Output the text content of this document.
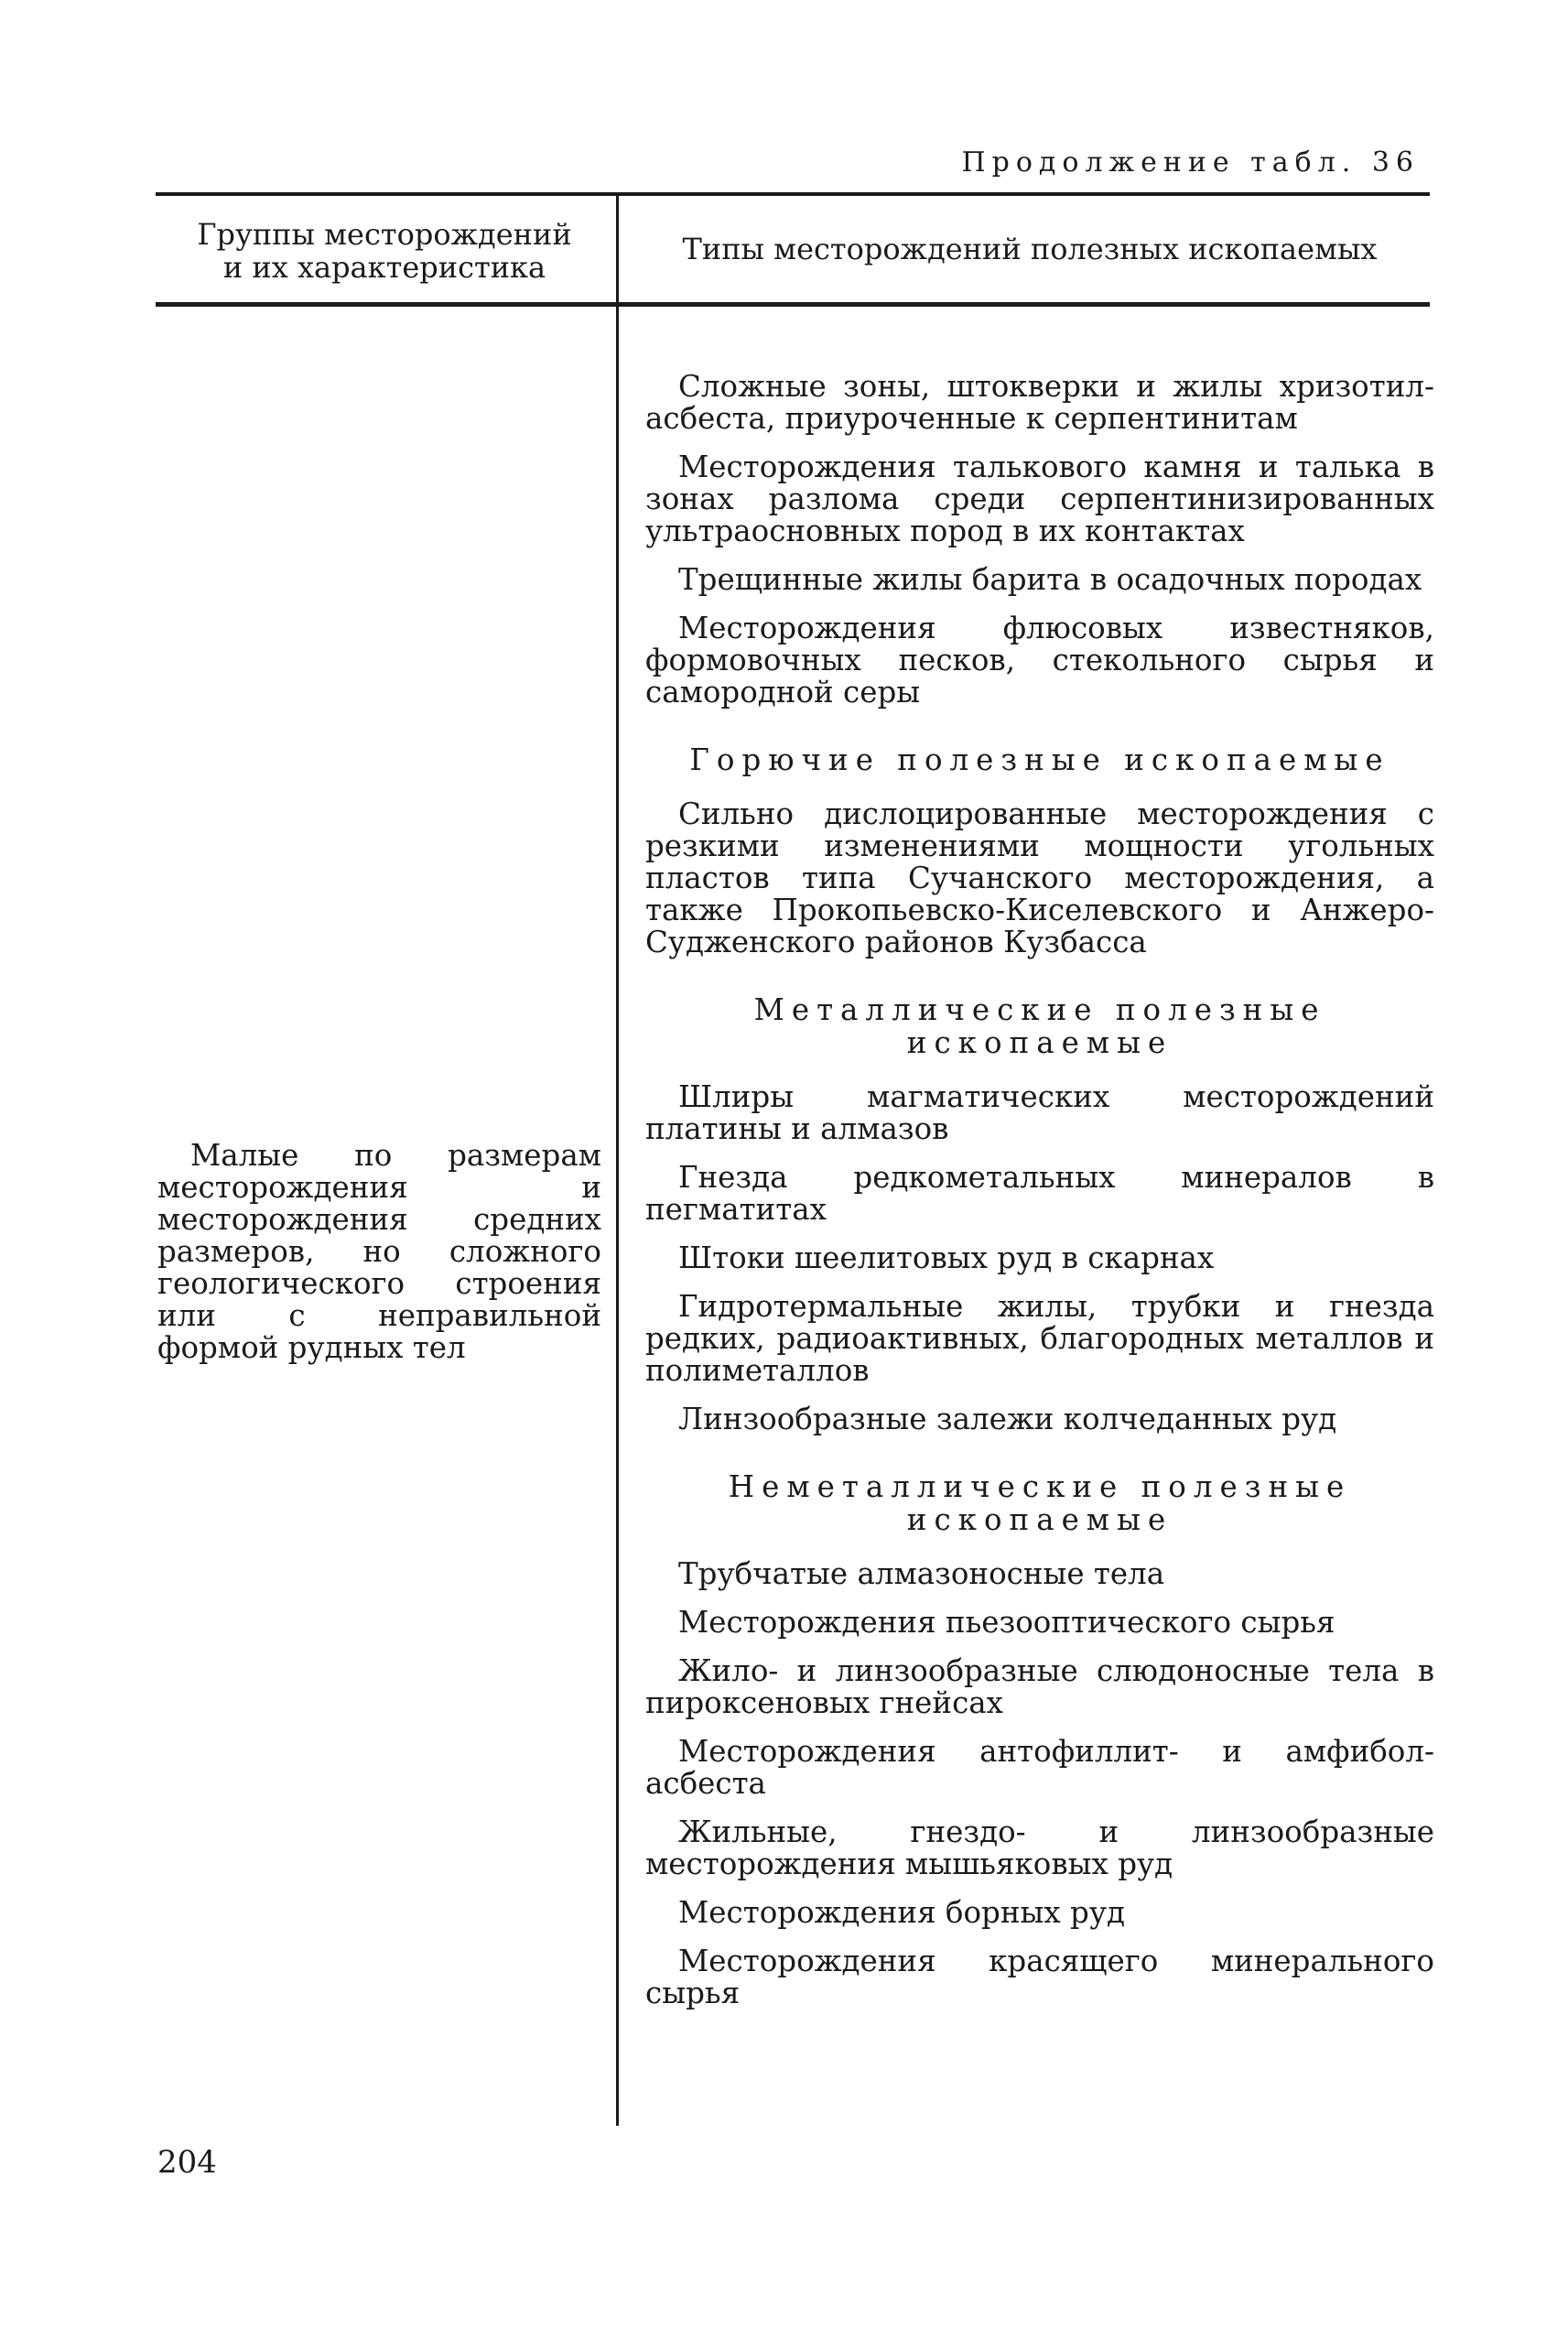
Продолжение табл. 36
Группы месторождений
и их характеристика
Типы месторождений полезных ископаемых
Малые по размерам месторождения и месторождения средних размеров, но сложного геологического строения или с неправильной формой рудных тел

Сложные зоны, штокверки и жилы хризотил-асбеста, приуроченные к серпентинитам

Месторождения талькового камня и талька в зонах разлома среди серпентинизированных ультраосновных пород в их контактах

Трещинные жилы барита в осадочных породах

Месторождения флюсовых известняков, формовочных песков, стекольного сырья и самородной серы

Горючие полезные ископаемые

Сильно дислоцированные месторождения с резкими изменениями мощности угольных пластов типа Сучанского месторождения, а также Прокопьевско-Киселевского и Анжеро-Судженского районов Кузбасса

Металлические полезные ископаемые

Шлиры магматических месторождений платины и алмазов

Гнезда редкометальных минералов в пегматитах

Штоки шеелитовых руд в скарнах

Гидротермальные жилы, трубки и гнезда редких, радиоактивных, благородных металлов и полиметаллов

Линзообразные залежи колчеданных руд

Неметаллические полезные ископаемые

Трубчатые алмазоносные тела

Месторождения пьезооптического сырья

Жило- и линзообразные слюдоносные тела в пироксеновых гнейсах

Месторождения антофиллит- и амфибол-асбеста

Жильные, гнездо- и линзообразные месторождения мышьяковых руд

Месторождения борных руд

Месторождения красящего минерального сырья

204
